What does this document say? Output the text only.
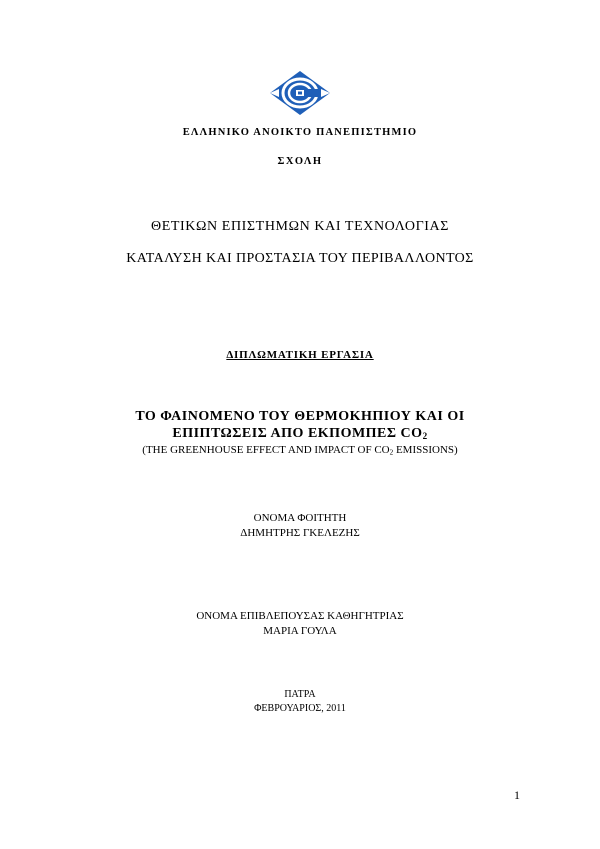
ΕΛΛΗΝΙΚΟ ΑΝΟΙΚΤΟ ΠΑΝΕΠΙΣΤΗΜΙΟ
ΣΧΟΛΗ
ΘΕΤΙΚΩΝ ΕΠΙΣΤΗΜΩΝ ΚΑΙ ΤΕΧΝΟΛΟΓΙΑΣ
ΚΑΤΑΛΥΣΗ ΚΑΙ ΠΡΟΣΤΑΣΙΑ ΤΟΥ ΠΕΡΙΒΑΛΛΟΝΤΟΣ
ΔΙΠΛΩΜΑΤΙΚΗ ΕΡΓΑΣΙΑ
ΤΟ ΦΑΙΝΟΜΕΝΟ ΤΟΥ ΘΕΡΜΟΚΗΠΙΟΥ ΚΑΙ ΟΙ
ΕΠΙΠΤΩΣΕΙΣ ΑΠΟ ΕΚΠΟΜΠΕΣ $CO_2$
(THE GREENHOUSE EFFECT AND IMPACT OF $CO_2$ EMISSIONS)
ΟΝΟΜΑ ΦΟΙΤΗΤΗ
ΔΗΜΗΤΡΗΣ ΓΚΕΛΕΖΗΣ
ΟΝΟΜΑ ΕΠΙΒΛΕΠΟΥΣΑΣ ΚΑΘΗΓΗΤΡΙΑΣ
ΜΑΡΙΑ ΓΟΥΛΑ
ΠΑΤΡΑ
ΦΕΒΡΟΥΑΡΙΟΣ, 2011
1
